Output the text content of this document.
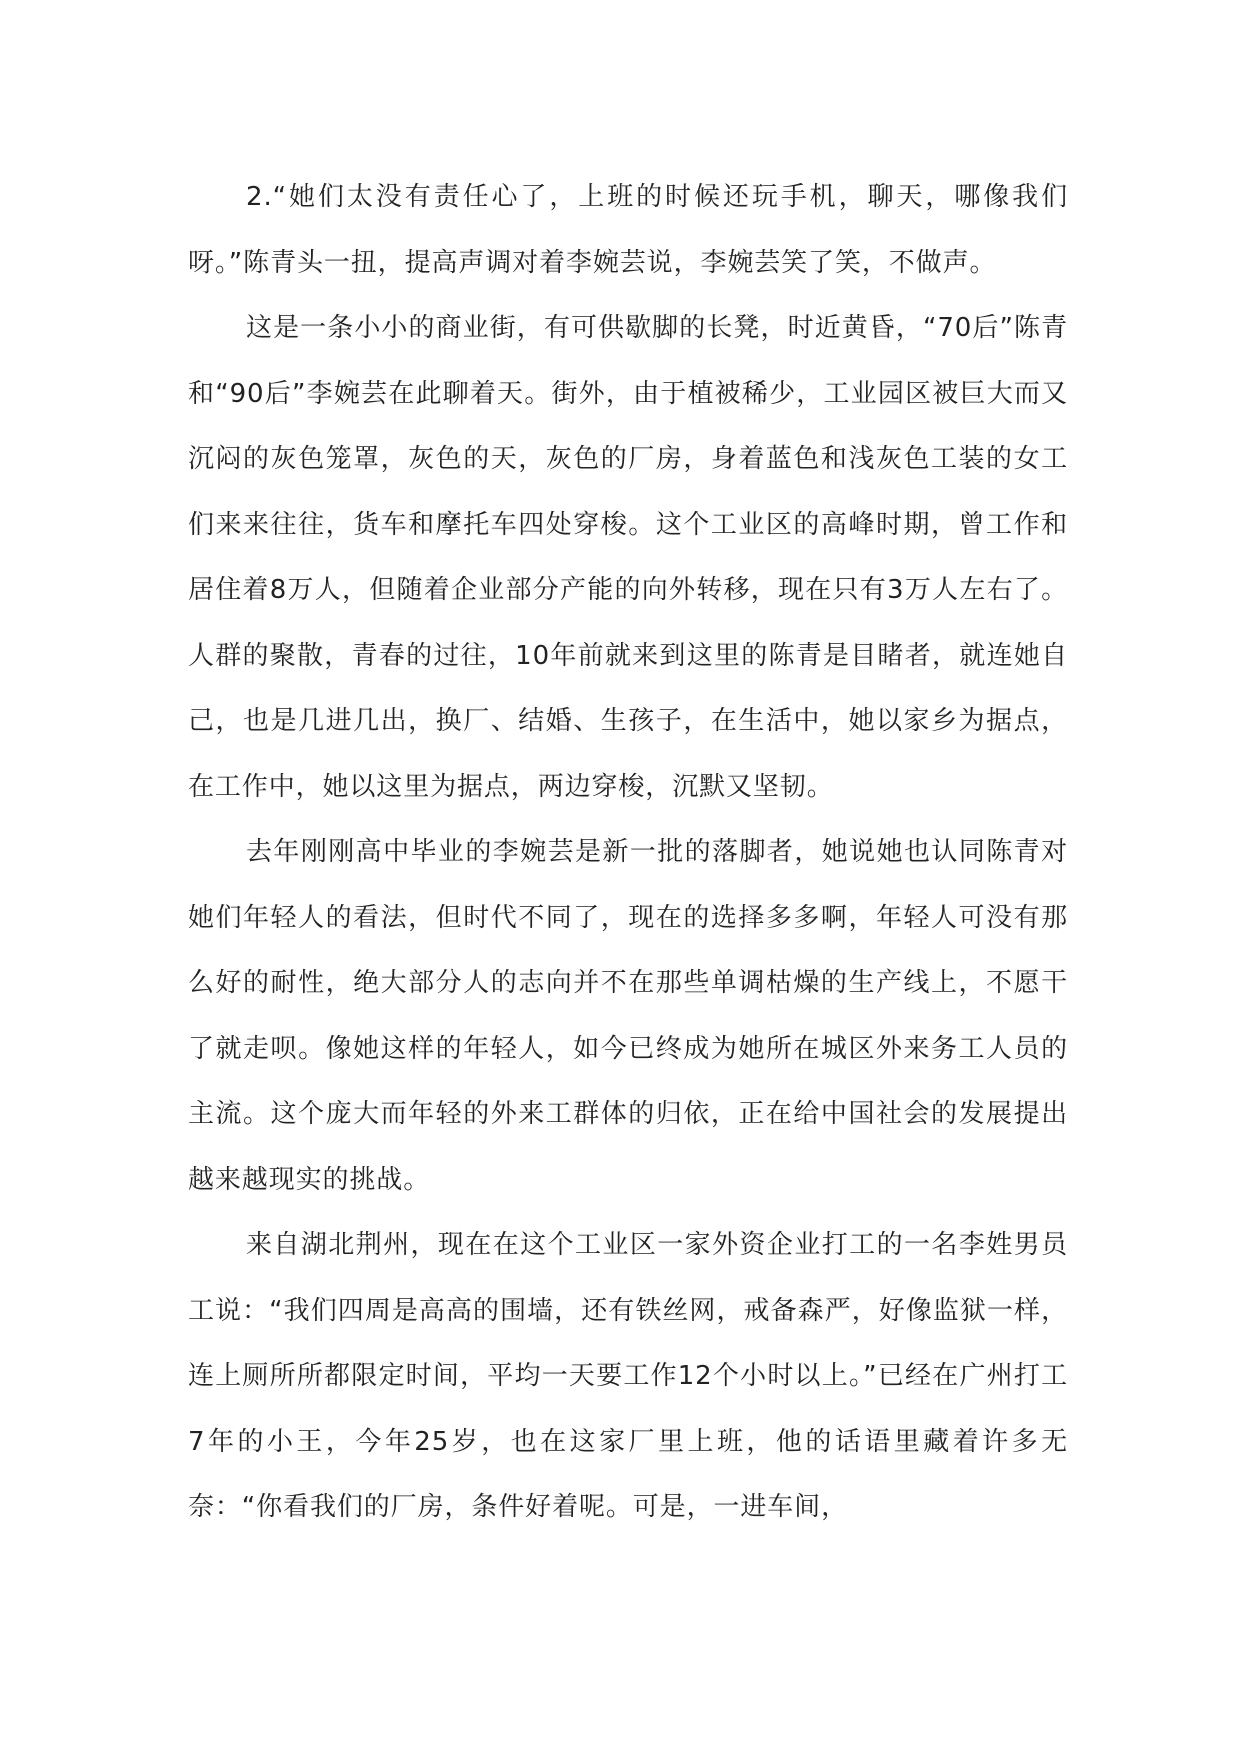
2.“她们太没有责任心了，上班的时候还玩手机，聊天，哪像我们呀。”陈青头一扭，提高声调对着李婉芸说，李婉芸笑了笑，不做声。

这是一条小小的商业街，有可供歇脚的长凳，时近黄昏，“70后”陈青和“90后”李婉芸在此聊着天。街外，由于植被稀少，工业园区被巨大而又沉闷的灰色笼罩，灰色的天，灰色的厂房，身着蓝色和浅灰色工装的女工们来来往往，货车和摩托车四处穿梭。这个工业区的高峰时期，曾工作和居住着8万人，但随着企业部分产能的向外转移，现在只有3万人左右了。人群的聚散，青春的过往，10年前就来到这里的陈青是目睹者，就连她自己，也是几进几出，换厂、结婚、生孩子，在生活中，她以家乡为据点，在工作中，她以这里为据点，两边穿梭，沉默又坚韧。

去年刚刚高中毕业的李婉芸是新一批的落脚者，她说她也认同陈青对她们年轻人的看法，但时代不同了，现在的选择多多啊，年轻人可没有那么好的耐性，绝大部分人的志向并不在那些单调枯燥的生产线上，不愿干了就走呗。像她这样的年轻人，如今已终成为她所在城区外来务工人员的主流。这个庞大而年轻的外来工群体的归依，正在给中国社会的发展提出越来越现实的挑战。

来自湖北荆州，现在在这个工业区一家外资企业打工的一名李姓男员工说：“我们四周是高高的围墙，还有铁丝网，戒备森严，好像监狱一样，连上厕所所都限定时间，平均一天要工作12个小时以上。”已经在广州打工7年的小王，今年25岁，也在这家厂里上班，他的话语里藏着许多无奈：“你看我们的厂房，条件好着呢。可是，一进车间，
